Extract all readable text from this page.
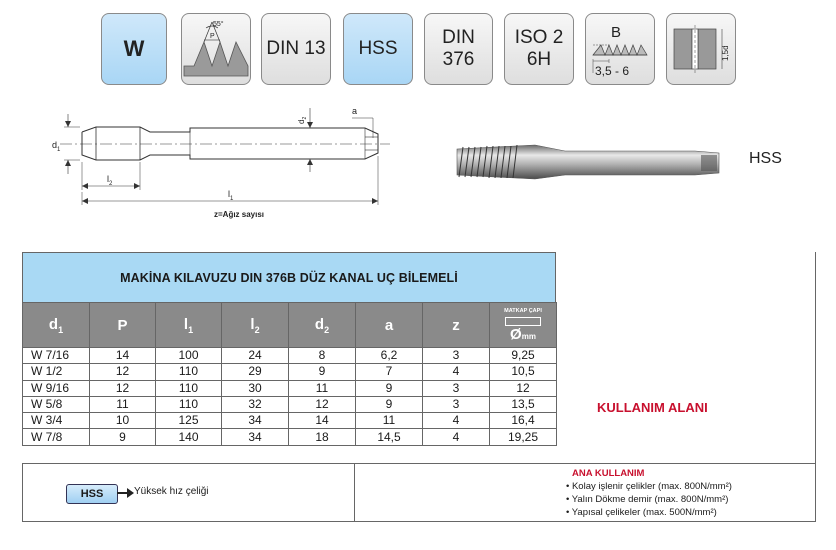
W
55°
P
DIN 13 HSS
DIN
376
ISO 2
6H
B
3,5 - 6
1,5d
$d_1$
$l_2$
$l_1$
$d_2$
a
z=Ağız sayısı
HSS
MAKİNA KILAVUZU DIN 376B DÜZ KANAL UÇ BİLEMELİ
$d_1$	P	$l_1$	$l_2$	$d_2$	a	z	MATKAP ÇAPI
Ømm

W 7/16	14	100	24	8	6,2	3	9,25
W 1/2	12	110	29	9	7	4	10,5
W 9/16	12	110	30	11	9	3	12
W 5/8	11	110	32	12	9	3	13,5
W 3/4	10	125	34	14	11	4	16,4
W 7/8	9	140	34	18	14,5	4	19,25
HSS	Yüksek hız çeliği
KULLANIM ALANI
ANA KULLANIM
• Kolay işlenir çelikler (max. 800N/mm²)
• Yalın Dökme demir (max. 800N/mm²)
• Yapısal çelikeler (max. 500N/mm²)
